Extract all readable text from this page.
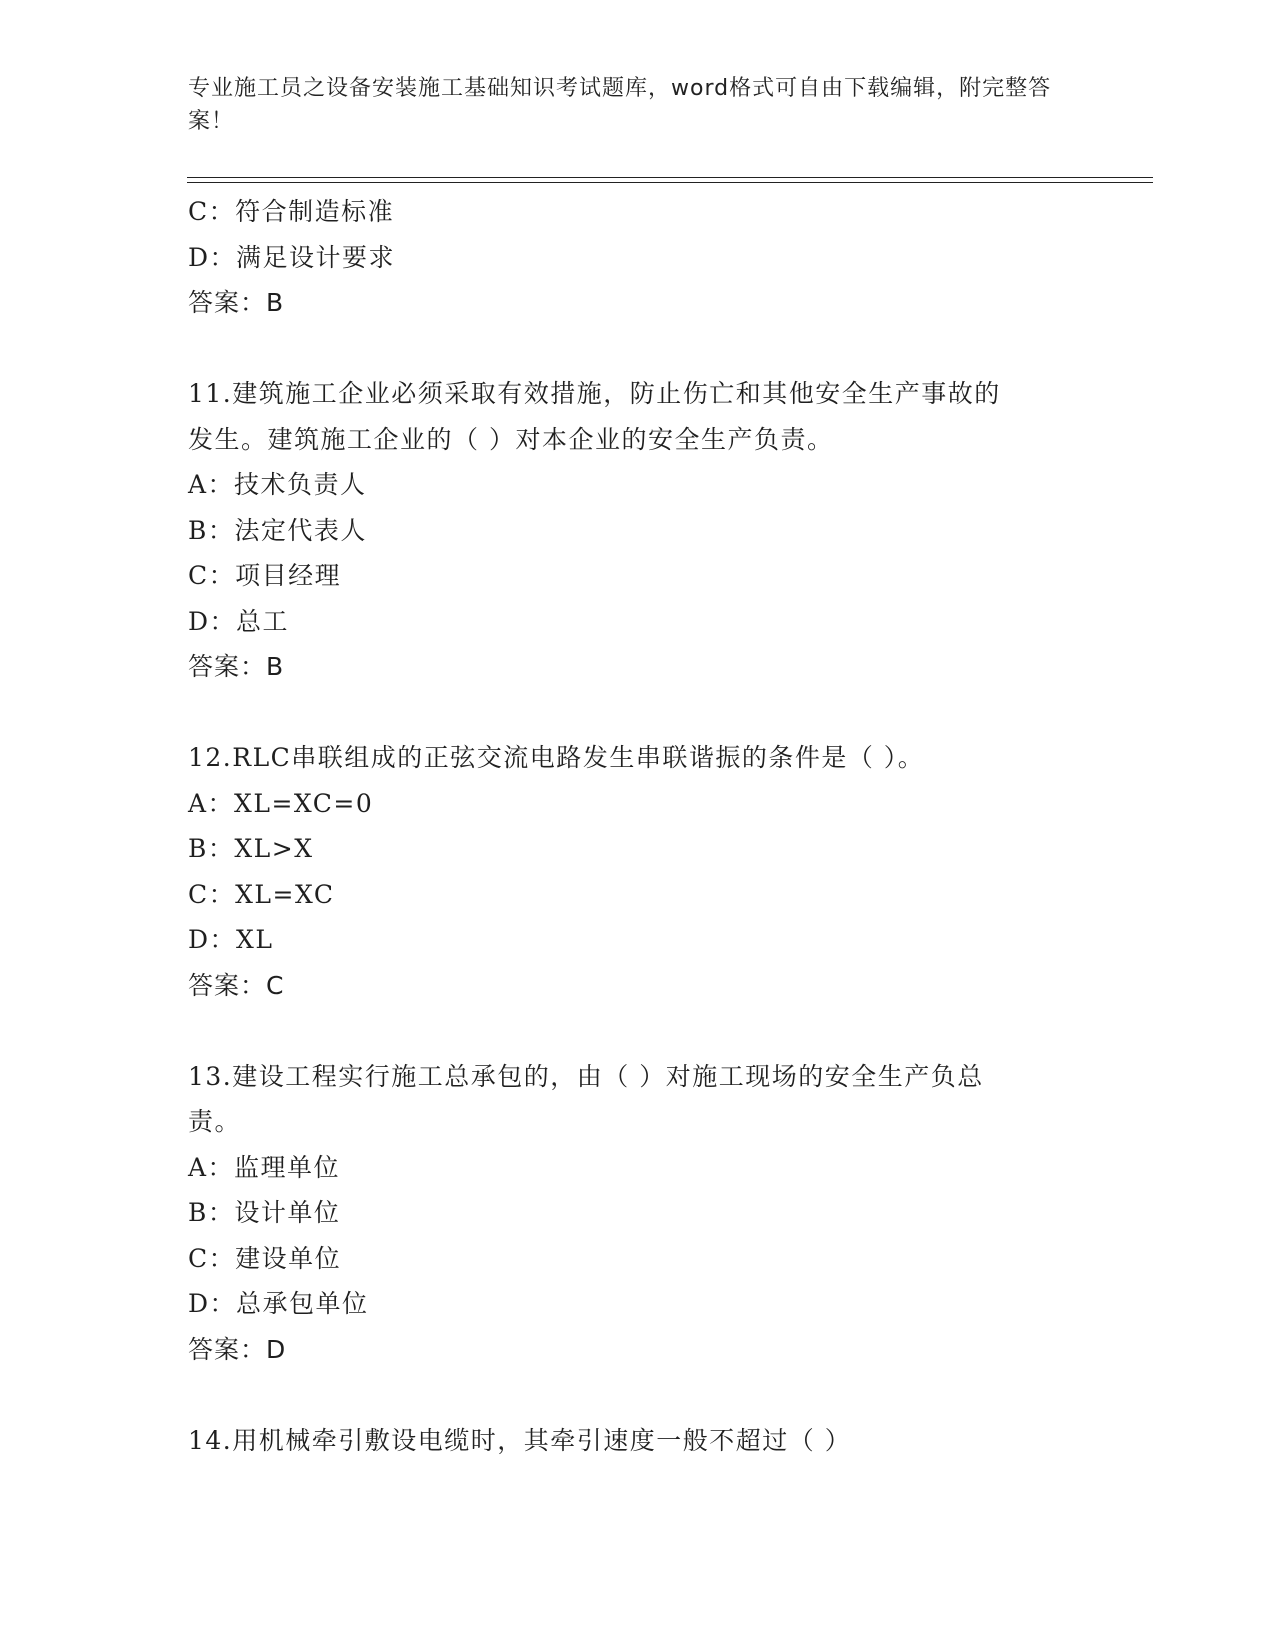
专业施工员之设备安装施工基础知识考试题库，word格式可自由下载编辑，附完整答案！
C：符合制造标准
D：满足设计要求
答案：B
11.建筑施工企业必须采取有效措施，防止伤亡和其他安全生产事故的
发生。建筑施工企业的（ ）对本企业的安全生产负责。
A：技术负责人
B：法定代表人
C：项目经理
D：总工
答案：B
12.RLC串联组成的正弦交流电路发生串联谐振的条件是（ ）。
A：XL=XC=0
B：XL>X
C：XL=XC
D：XL
答案：C
13.建设工程实行施工总承包的，由（ ）对施工现场的安全生产负总
责。
A：监理单位
B：设计单位
C：建设单位
D：总承包单位
答案：D
14.用机械牵引敷设电缆时，其牵引速度一般不超过（ ）
